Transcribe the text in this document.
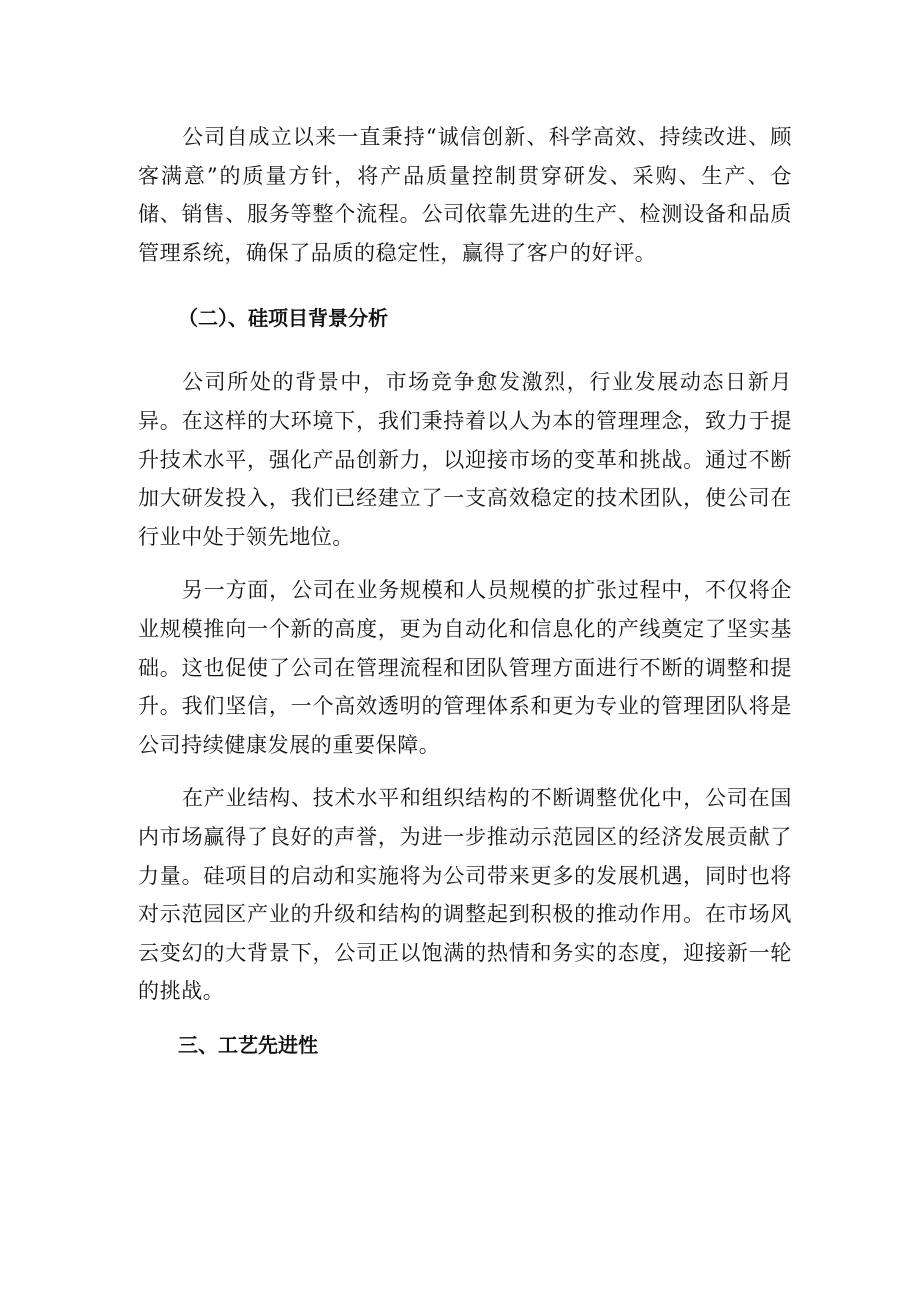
公司自成立以来一直秉持“诚信创新、科学高效、持续改进、顾客满意”的质量方针，将产品质量控制贯穿研发、采购、生产、仓储、销售、服务等整个流程。公司依靠先进的生产、检测设备和品质管理系统，确保了品质的稳定性，赢得了客户的好评。

（二）、硅项目背景分析

公司所处的背景中，市场竞争愈发激烈，行业发展动态日新月异。在这样的大环境下，我们秉持着以人为本的管理理念，致力于提升技术水平，强化产品创新力，以迎接市场的变革和挑战。通过不断加大研发投入，我们已经建立了一支高效稳定的技术团队，使公司在行业中处于领先地位。

另一方面，公司在业务规模和人员规模的扩张过程中，不仅将企业规模推向一个新的高度，更为自动化和信息化的产线奠定了坚实基础。这也促使了公司在管理流程和团队管理方面进行不断的调整和提升。我们坚信，一个高效透明的管理体系和更为专业的管理团队将是公司持续健康发展的重要保障。

在产业结构、技术水平和组织结构的不断调整优化中，公司在国内市场赢得了良好的声誉，为进一步推动示范园区的经济发展贡献了力量。硅项目的启动和实施将为公司带来更多的发展机遇，同时也将对示范园区产业的升级和结构的调整起到积极的推动作用。在市场风云变幻的大背景下，公司正以饱满的热情和务实的态度，迎接新一轮的挑战。

三、工艺先进性
